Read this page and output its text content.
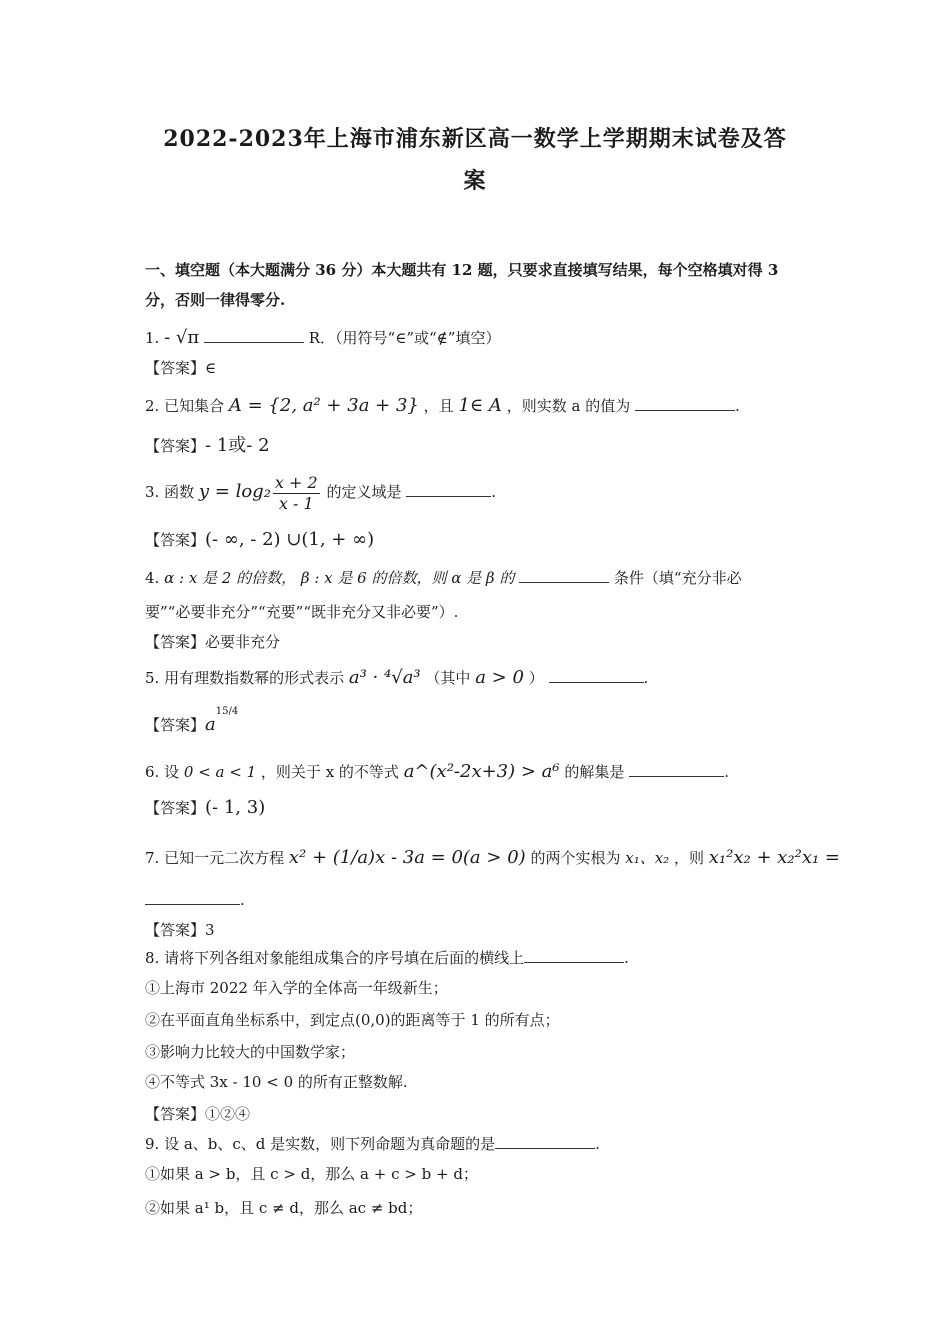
2022-2023年上海市浦东新区高一数学上学期期末试卷及答
案
一、填空题（本大题满分 36 分）本大题共有 12 题，只要求直接填写结果，每个空格填对得 3
分，否则一律得零分.
1. - √π	R．（用符号“∈”或“∉”填空）
【答案】∈
2. 已知集合 A = {2, a² + 3a + 3} ，且 1∈ A ，则实数 a 的值为	.
【答案】- 1或- 2
3. 函数 $y = \log_2 \frac{x + 2}{x - 1}$ 的定义域是	.
【答案】(- ∞, - 2) ∪(1, + ∞)
4. α : x 是 2 的倍数， β : x 是 6 的倍数，则 α 是 β 的	条件（填“充分非必
要”“必要非充分”“充要”“既非充分又非必要”）.
【答案】必要非充分
5. 用有理数指数幂的形式表示 a³ · ⁴√a³ （其中 a > 0 ）	.
【答案】$a^{15/4}$
6. 设 0 < a < 1 ，则关于 x 的不等式 a^(x²-2x+3) > a⁶ 的解集是	.
【答案】(- 1, 3)
7. 已知一元二次方程 x² + (1/a)x - 3a = 0(a > 0) 的两个实根为 x₁、x₂ ，则 x₁²x₂ + x₂²x₁ =
.
【答案】3
8. 请将下列各组对象能组成集合的序号填在后面的横线上	.
①上海市 2022 年入学的全体高一年级新生；
②在平面直角坐标系中，到定点(0,0)的距离等于 1 的所有点；
③影响力比较大的中国数学家；
④不等式 3x - 10 < 0 的所有正整数解.
【答案】①②④
9. 设 a、b、c、d 是实数，则下列命题为真命题的是	.
①如果 a > b，且 c > d，那么 a + c > b + d；
②如果 a¹ b，且 c ≠ d，那么 ac ≠ bd；
